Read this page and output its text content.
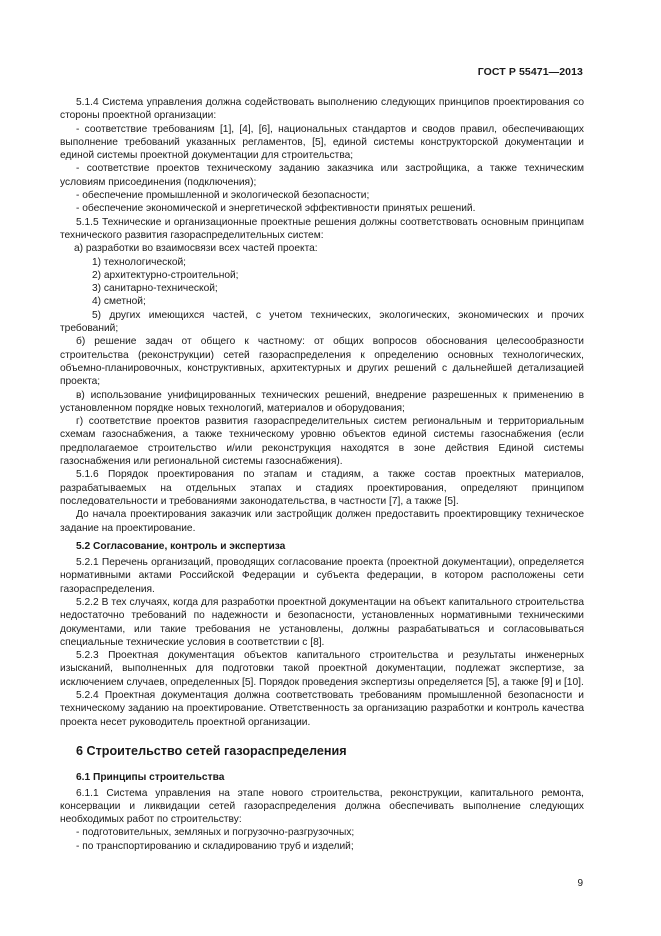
ГОСТ Р 55471—2013

5.1.4 Система управления должна содействовать выполнению следующих принципов проектирования со стороны проектной организации:

- соответствие требованиям [1], [4], [6], национальных стандартов и сводов правил, обеспечивающих выполнение требований указанных регламентов, [5], единой системы конструкторской документации и единой системы проектной документации для строительства;

- соответствие проектов техническому заданию заказчика или застройщика, а также техническим условиям присоединения (подключения);

- обеспечение промышленной и экологической безопасности;

- обеспечение экономической и энергетической эффективности принятых решений.

5.1.5 Технические и организационные проектные решения должны соответствовать основным принципам технического развития газораспределительных систем:

а) разработки во взаимосвязи всех частей проекта:

1) технологической;

2) архитектурно-строительной;

3) санитарно-технической;

4) сметной;

5) других имеющихся частей, с учетом технических, экологических, экономических и прочих требований;

б) решение задач от общего к частному: от общих вопросов обоснования целесообразности строительства (реконструкции) сетей газораспределения к определению основных технологических, объемно-планировочных, конструктивных, архитектурных и других решений с дальнейшей детализацией проекта;

в) использование унифицированных технических решений, внедрение разрешенных к применению в установленном порядке новых технологий, материалов и оборудования;

г) соответствие проектов развития газораспределительных систем региональным и территориальным схемам газоснабжения, а также техническому уровню объектов единой системы газоснабжения (если предполагаемое строительство и/или реконструкция находятся в зоне действия Единой системы газоснабжения или региональной системы газоснабжения).

5.1.6 Порядок проектирования по этапам и стадиям, а также состав проектных материалов, разрабатываемых на отдельных этапах и стадиях проектирования, определяют принципом последовательности и требованиями законодательства, в частности [7], а также [5].

До начала проектирования заказчик или застройщик должен предоставить проектировщику техническое задание на проектирование.

5.2 Согласование, контроль и экспертиза

5.2.1 Перечень организаций, проводящих согласование проекта (проектной документации), определяется нормативными актами Российской Федерации и субъекта федерации, в котором расположены сети газораспределения.

5.2.2 В тех случаях, когда для разработки проектной документации на объект капитального строительства недостаточно требований по надежности и безопасности, установленных нормативными техническими документами, или такие требования не установлены, должны разрабатываться и согласовываться специальные технические условия в соответствии с [8].

5.2.3 Проектная документация объектов капитального строительства и результаты инженерных изысканий, выполненных для подготовки такой проектной документации, подлежат экспертизе, за исключением случаев, определенных [5]. Порядок проведения экспертизы определяется [5], а также [9] и [10].

5.2.4 Проектная документация должна соответствовать требованиям промышленной безопасности и техническому заданию на проектирование. Ответственность за организацию разработки и контроль качества проекта несет руководитель проектной организации.

6 Строительство сетей газораспределения

6.1 Принципы строительства

6.1.1 Система управления на этапе нового строительства, реконструкции, капитального ремонта, консервации и ликвидации сетей газораспределения должна обеспечивать выполнение следующих необходимых работ по строительству:

- подготовительных, земляных и погрузочно-разгрузочных;

- по транспортированию и складированию труб и изделий;

9
